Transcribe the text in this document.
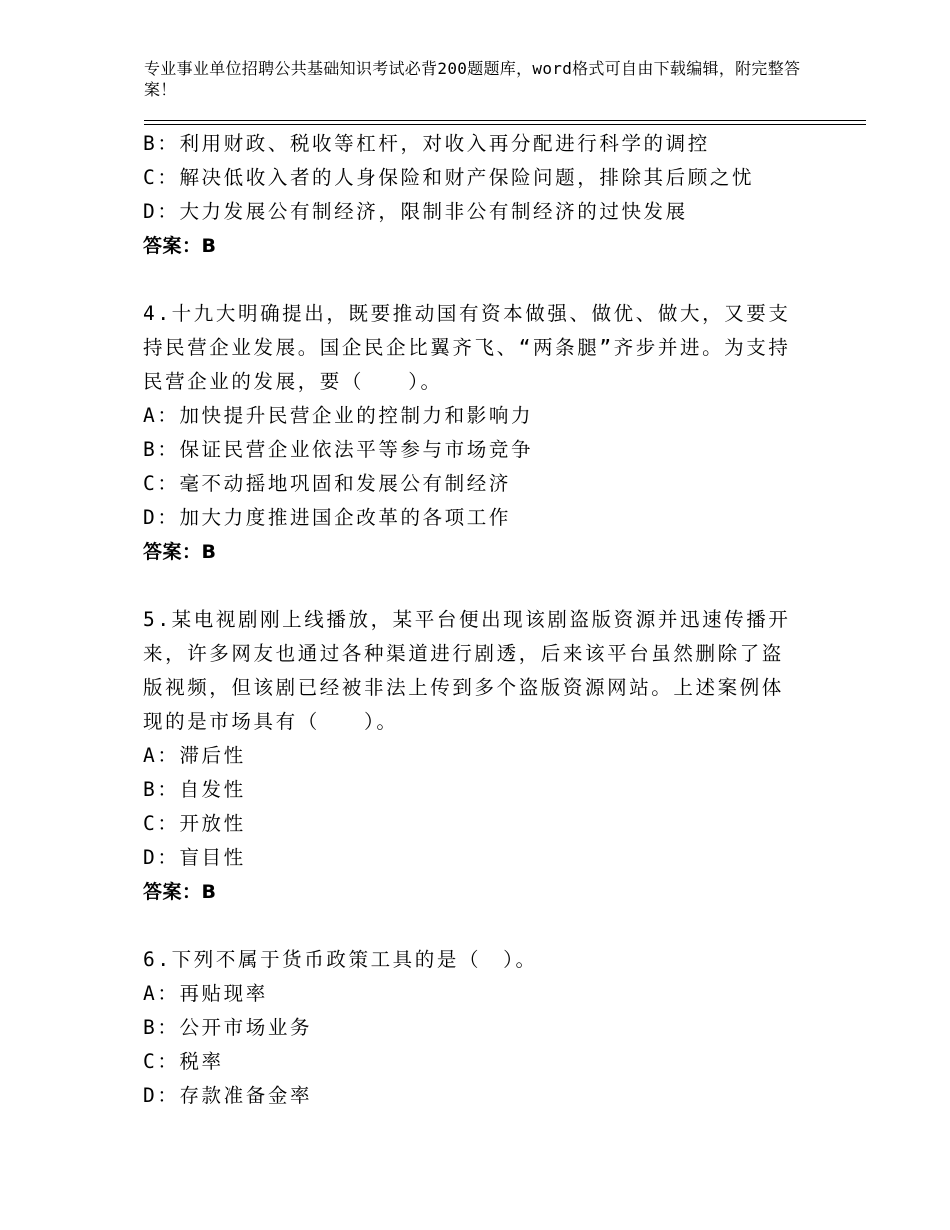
专业事业单位招聘公共基础知识考试必背200题题库，word格式可自由下载编辑，附完整答案！
B：利用财政、税收等杠杆，对收入再分配进行科学的调控
C：解决低收入者的人身保险和财产保险问题，排除其后顾之忧
D：大力发展公有制经济，限制非公有制经济的过快发展
答案：B
4.十九大明确提出，既要推动国有资本做强、做优、做大，又要支持民营企业发展。国企民企比翼齐飞、“两条腿”齐步并进。为支持民营企业的发展，要（　　）。
A：加快提升民营企业的控制力和影响力
B：保证民营企业依法平等参与市场竞争
C：毫不动摇地巩固和发展公有制经济
D：加大力度推进国企改革的各项工作
答案：B
5.某电视剧刚上线播放，某平台便出现该剧盗版资源并迅速传播开来，许多网友也通过各种渠道进行剧透，后来该平台虽然删除了盗版视频，但该剧已经被非法上传到多个盗版资源网站。上述案例体现的是市场具有（　　）。
A：滞后性
B：自发性
C：开放性
D：盲目性
答案：B
6.下列不属于货币政策工具的是（　）。
A：再贴现率
B：公开市场业务
C：税率
D：存款准备金率
